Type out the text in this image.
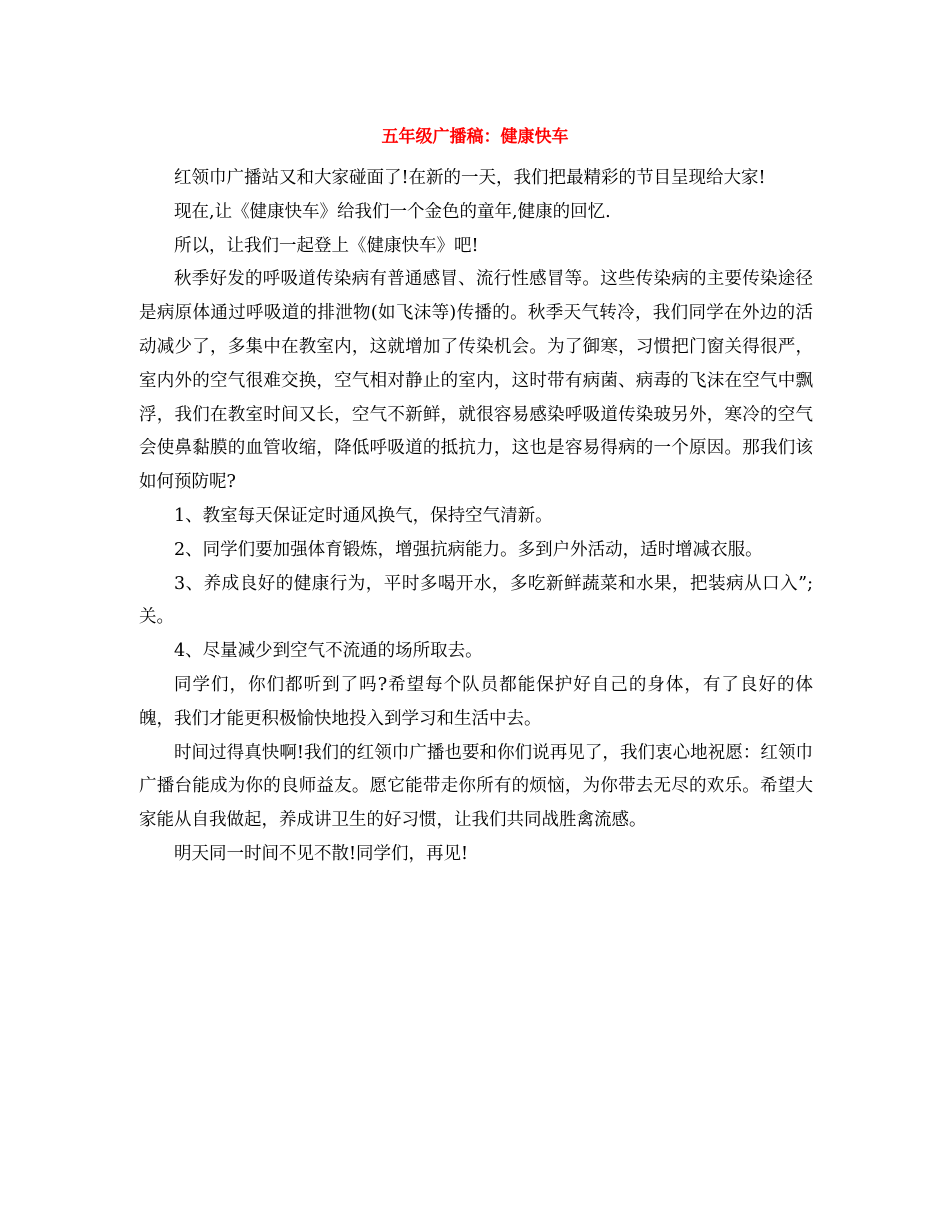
五年级广播稿：健康快车

红领巾广播站又和大家碰面了!在新的一天，我们把最精彩的节目呈现给大家!

现在,让《健康快车》给我们一个金色的童年,健康的回忆.

所以，让我们一起登上《健康快车》吧!

秋季好发的呼吸道传染病有普通感冒、流行性感冒等。这些传染病的主要传染途径是病原体通过呼吸道的排泄物(如飞沫等)传播的。秋季天气转冷，我们同学在外边的活动减少了，多集中在教室内，这就增加了传染机会。为了御寒，习惯把门窗关得很严，室内外的空气很难交换，空气相对静止的室内，这时带有病菌、病毒的飞沫在空气中飘浮，我们在教室时间又长，空气不新鲜，就很容易感染呼吸道传染玻另外，寒冷的空气会使鼻黏膜的血管收缩，降低呼吸道的抵抗力，这也是容易得病的一个原因。那我们该如何预防呢?

1、教室每天保证定时通风换气，保持空气清新。

2、同学们要加强体育锻炼，增强抗病能力。多到户外活动，适时增减衣服。

3、养成良好的健康行为，平时多喝开水，多吃新鲜蔬菜和水果，把装病从口入”;关。

4、尽量减少到空气不流通的场所取去。

同学们，你们都听到了吗?希望每个队员都能保护好自己的身体，有了良好的体魄，我们才能更积极愉快地投入到学习和生活中去。

时间过得真快啊!我们的红领巾广播也要和你们说再见了，我们衷心地祝愿：红领巾广播台能成为你的良师益友。愿它能带走你所有的烦恼，为你带去无尽的欢乐。希望大家能从自我做起，养成讲卫生的好习惯，让我们共同战胜禽流感。

明天同一时间不见不散!同学们，再见!
